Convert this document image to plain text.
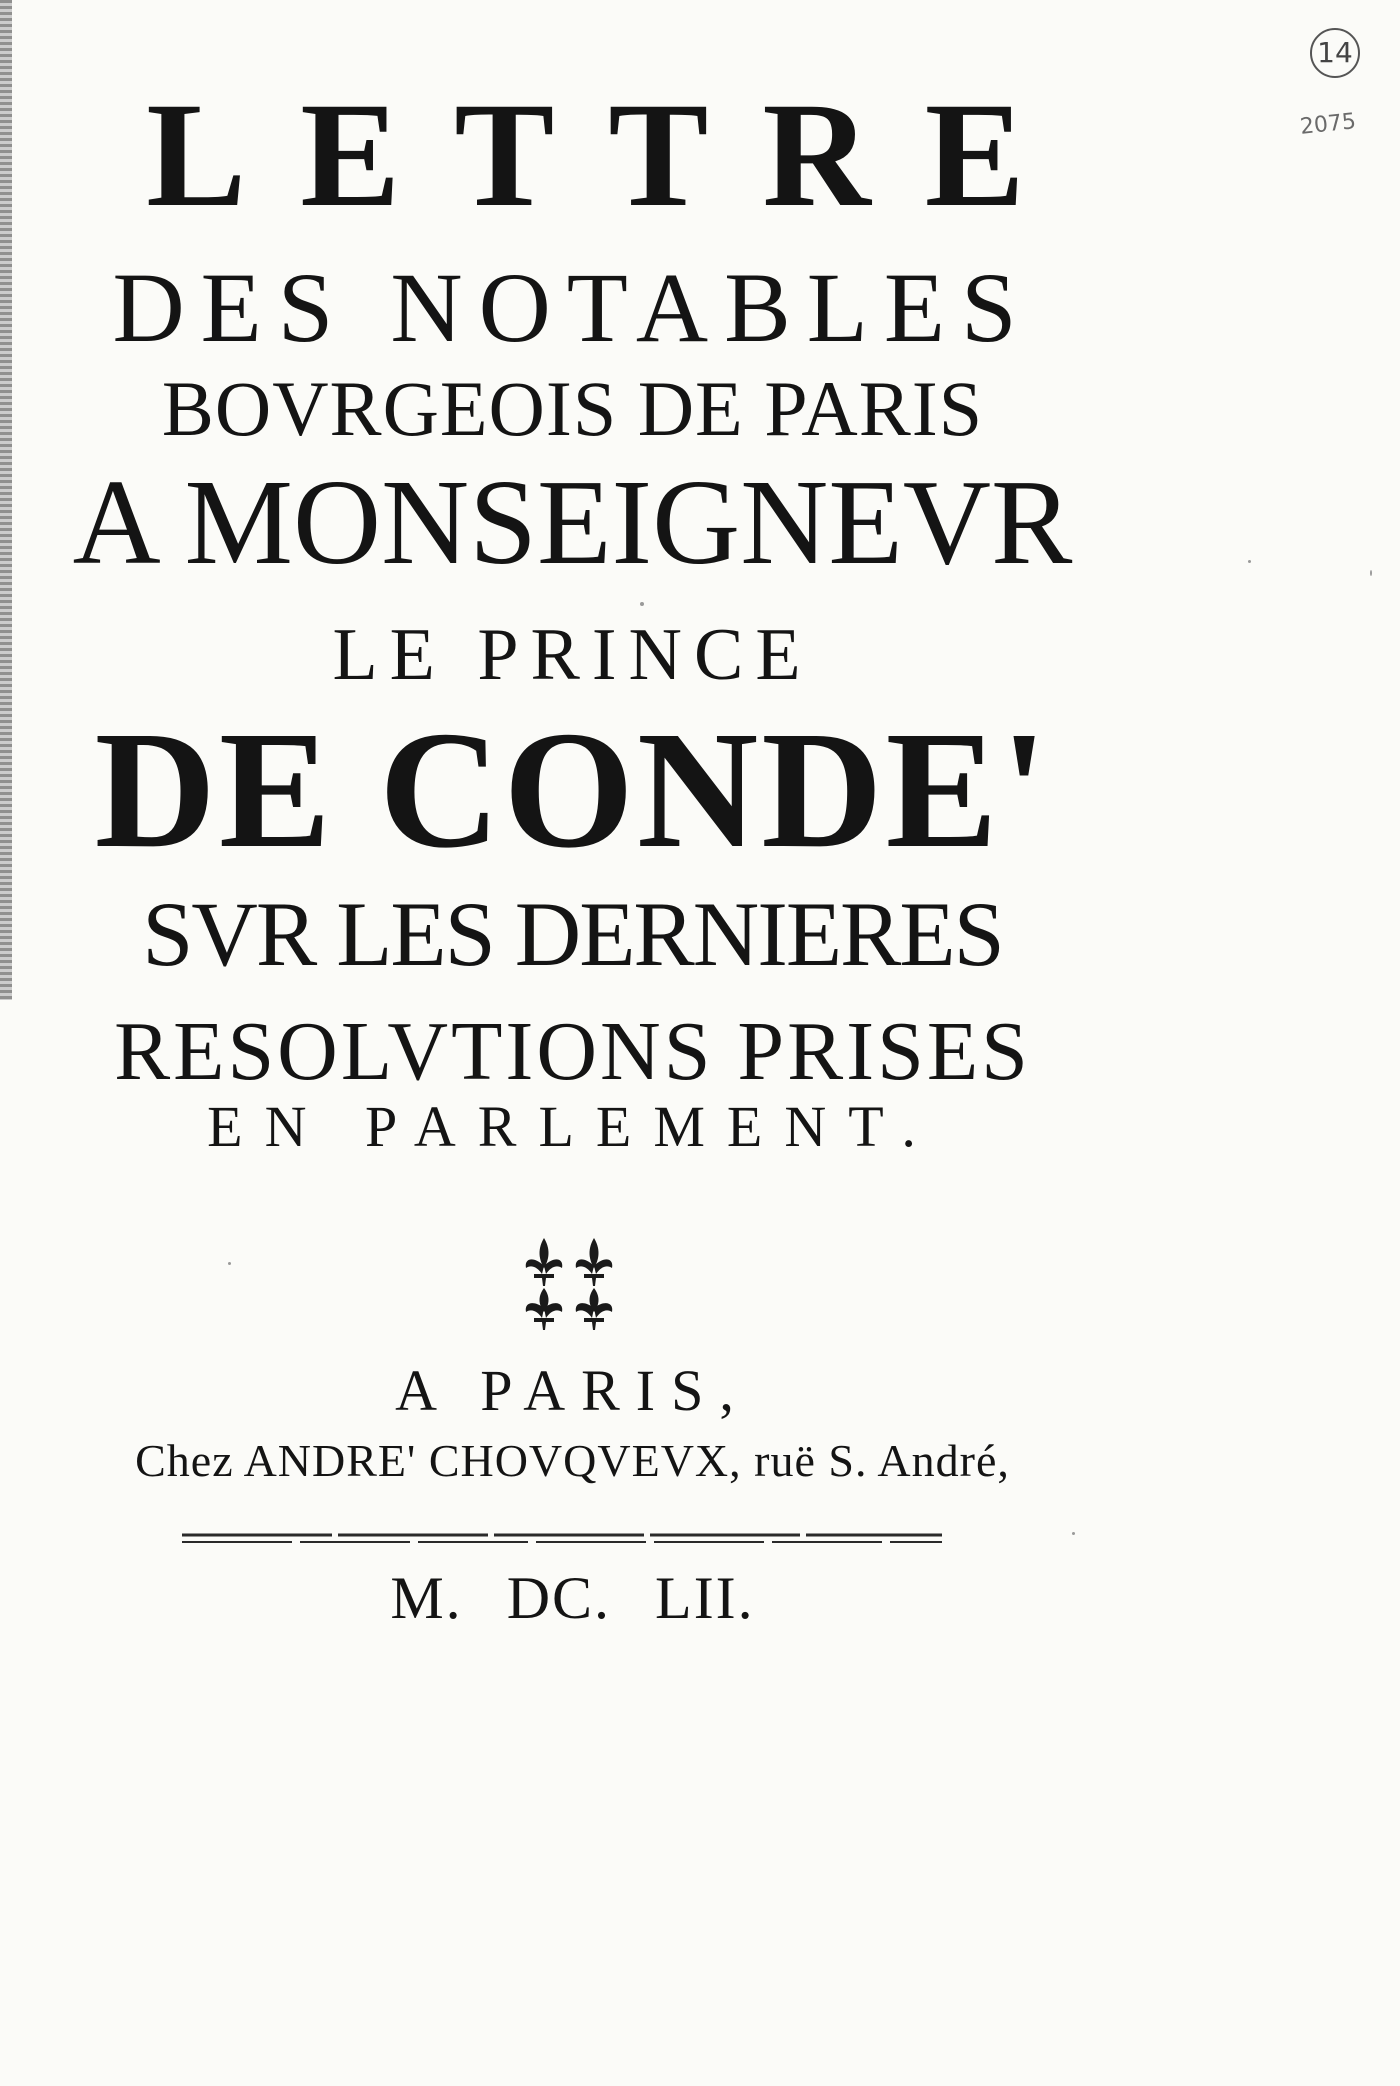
14
2075
LETTRE
DES NOTABLES
BOVRGEOIS DE PARIS
A MONSEIGNEVR
LE PRINCE
DE CONDE'
SVR LES DERNIERES
RESOLVTIONS PRISES
EN PARLEMENT.
A PARIS,
Chez ANDRE' CHOVQVEVX, ruë S. André,
M. DC. LII.
